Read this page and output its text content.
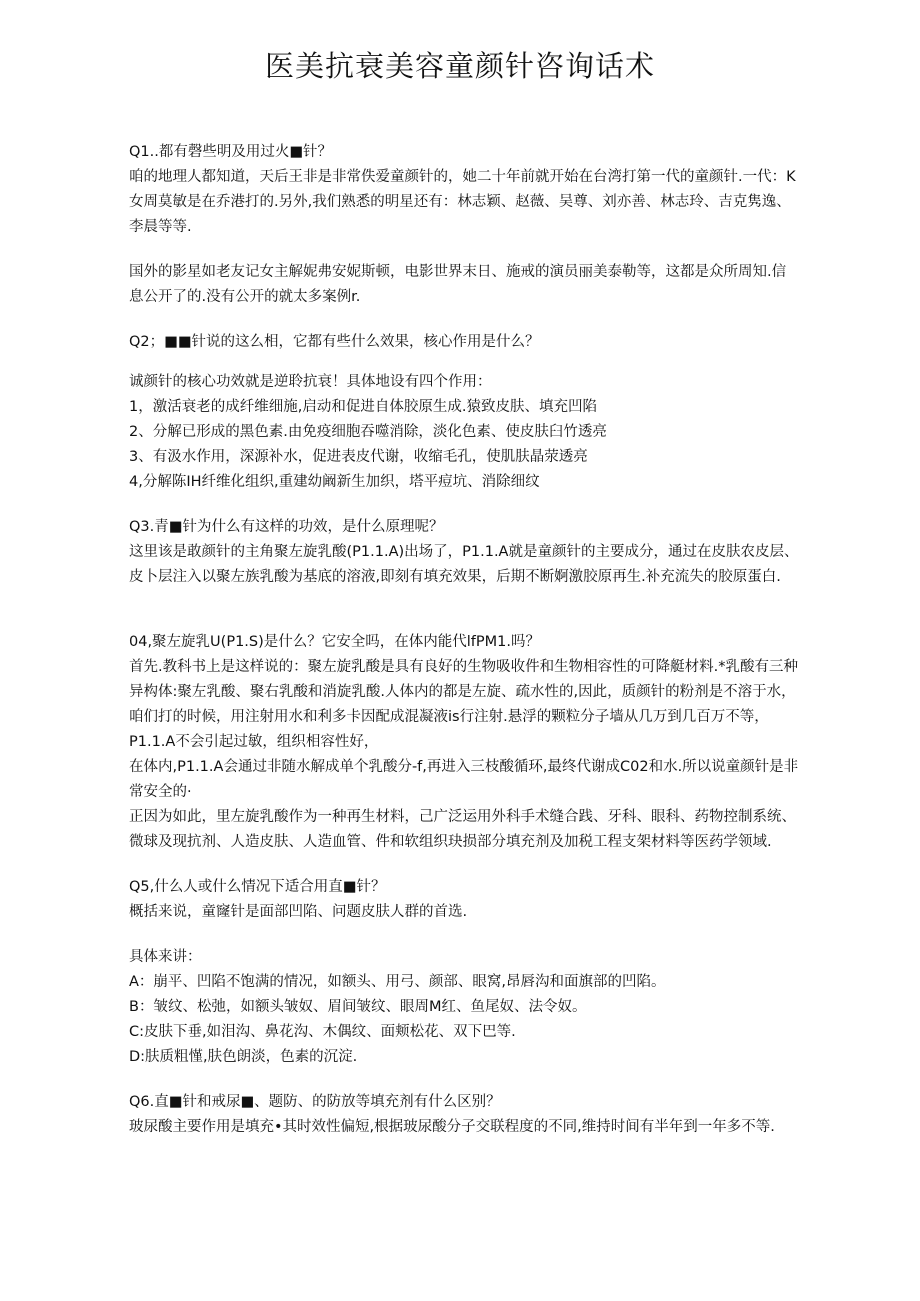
医美抗衰美容童颜针咨询话术

Q1..都有磬些明及用过火■针？

咱的地理人都知道，天后王非是非常佚爱童颜针的，她二十年前就开始在台湾打第一代的童颜针.一代：K女周莫敏是在乔港打的.另外,我们熟悉的明星还有：林志颖、赵薇、吴尊、刘亦善、林志玲、吉克隽逸、李晨等等.

国外的影星如老友记女主解妮弗安妮斯顿，电影世界末日、施戒的演员丽美泰勒等，这都是众所周知.信息公开了的.没有公开的就太多案例r.

Q2；■■针说的这么相，它都有些什么效果，核心作用是什么？

诚颜针的核心功效就是逆聆抗衰！具体地设有四个作用：

1，激活衰老的成纤维细施,启动和促进自体胶原生成.猿致皮肤、填充凹陷

2、分解已形成的黑色素.由免疫细胞吞噬消除，淡化色素、使皮肤臼竹透亮

3、有汲水作用，深源补水，促进表皮代谢，收缩毛孔，使肌肤晶荥透亮

4,分解陈IH纤维化组织,重建幼阚新生加织，塔平痘坑、消除细纹

Q3.青■针为什么有这样的功效，是什么原理呢？

这里该是敢颜针的主角聚左旋乳酸(P1.1.A)出场了，P1.1.A就是童颜针的主要成分，通过在皮肤农皮层、皮卜层注入以聚左族乳酸为基底的溶液,即刻有填充效果，后期不断婀激胶原再生.补充流失的胶原蛋白.

04,聚左旋乳U(P1.S)是什么？它安全吗，在体内能代lfPM1.吗？

首先.教科书上是这样说的：聚左旋乳酸是具有良好的生物吸收件和生物相容性的可降艇材料.*乳酸有三种异构体:聚左乳酸、聚右乳酸和消旋乳酸.人体内的都是左旋、疏水性的,因此，质颜针的粉剂是不溶于水，咱们打的时候，用注射用水和利多卡因配成混凝液is行注射.悬浮的颗粒分子墙从几万到几百万不等，P1.1.A不会引起过敏，组织相容性好，

在体内,P1.1.A会通过非随水解成单个乳酸分-f,再进入三枝酸循环,最终代谢成C02和水.所以说童颜针是非常安全的·

正因为如此，里左旋乳酸作为一种再生材料，己广泛运用外科手术缝合践、牙科、眼科、药物控制系统、微球及现抗剂、人造皮肤、人造血管、件和软组织玦损部分填充剂及加税工程支架材料等医药学领域.

Q5,什么人或什么情况下适合用直■针？

概括来说，童窿针是面部凹陷、问题皮肤人群的首选.

具体来讲：

A：崩平、凹陷不饱满的情况，如额头、用弓、颜部、眼窝,昂唇沟和面旗部的凹陷。

B：皱纹、松弛，如额头皱奴、眉间皱纹、眼周M红、鱼尾奴、法令奴。

C:皮肤下垂,如泪沟、鼻花沟、木偶纹、面颊松花、双下巴等.

D:肤质粗慬,肤色朗淡，色素的沉淀.

Q6.直■针和戒尿■、题防、的防放等填充剂有什么区别？

玻尿酸主要作用是填充•其时效性偏短,根据玻尿酸分子交联程度的不同,维持时间有半年到一年多不等.
